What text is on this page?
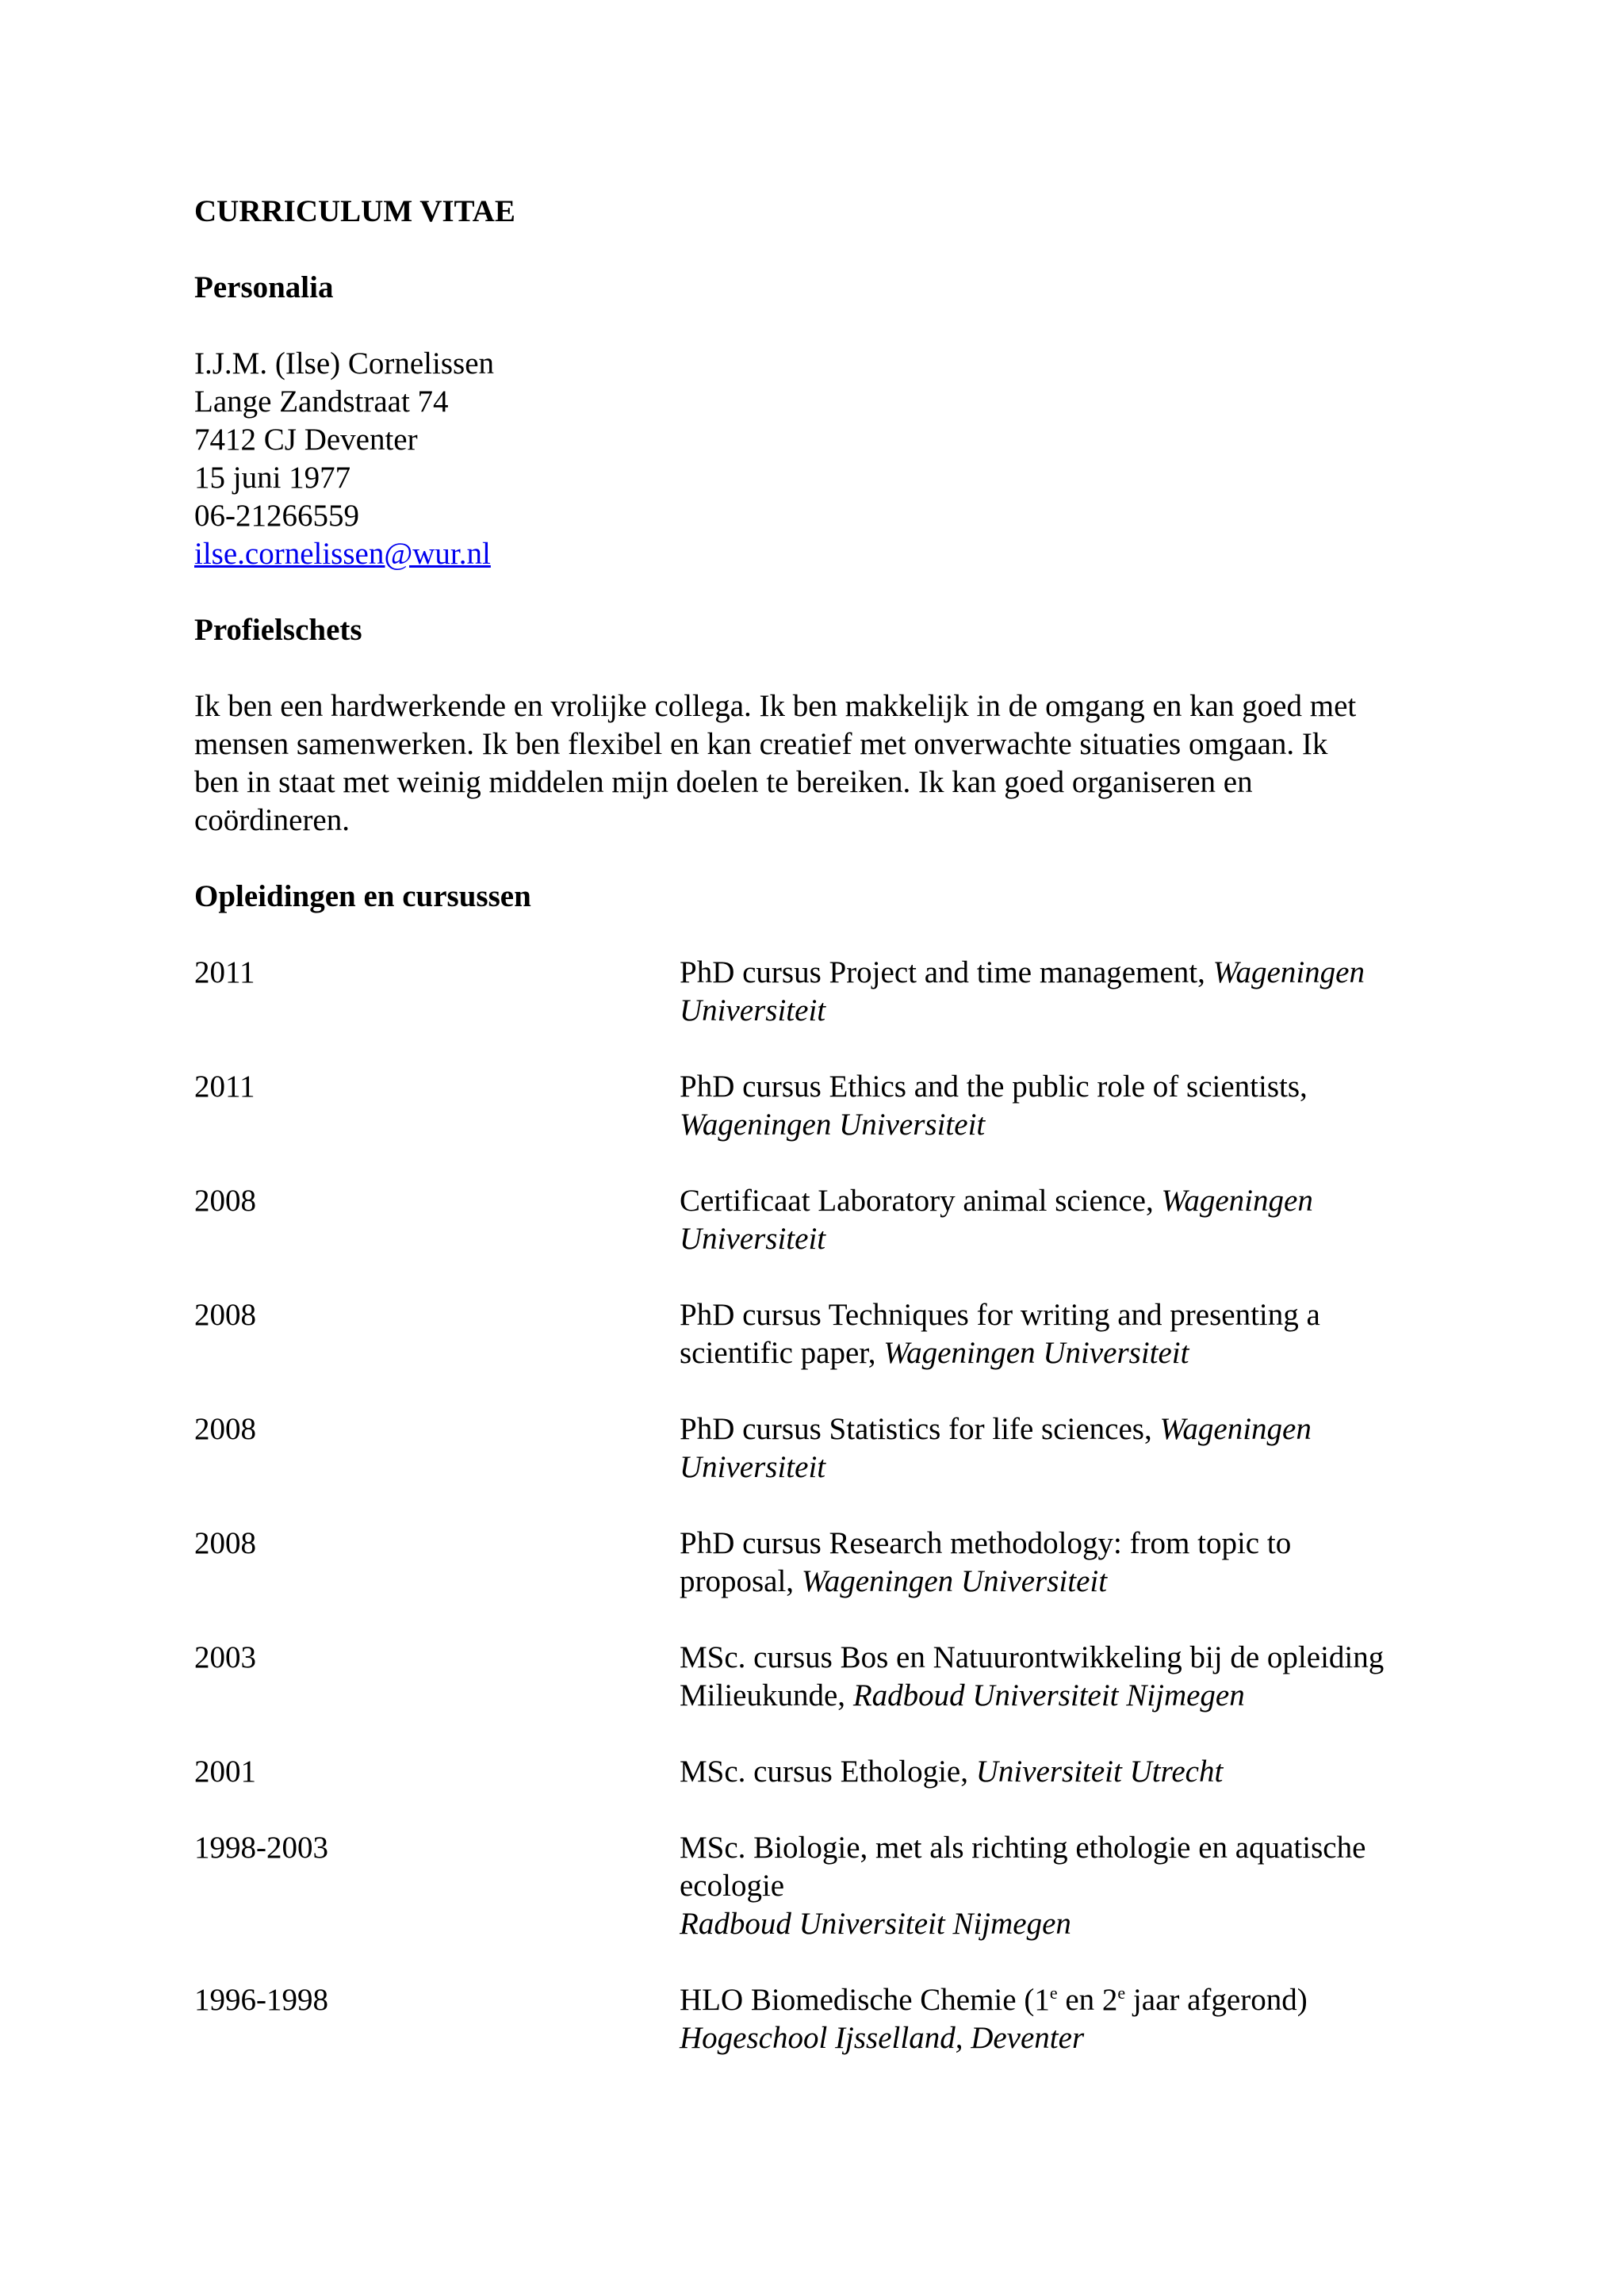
CURRICULUM VITAE

Personalia

I.J.M. (Ilse) Cornelissen

Lange Zandstraat 74

7412 CJ Deventer

15 juni 1977

06-21266559

ilse.cornelissen@wur.nl

Profielschets

Ik ben een hardwerkende en vrolijke collega. Ik ben makkelijk in de omgang en kan goed met

mensen samenwerken. Ik ben flexibel en kan creatief met onverwachte situaties omgaan. Ik

ben in staat met weinig middelen mijn doelen te bereiken. Ik kan goed organiseren en

coördineren.

Opleidingen en cursussen

2011	PhD cursus Project and time management, Wageningen
Universiteit
2011	PhD cursus Ethics and the public role of scientists,
Wageningen Universiteit
2008	Certificaat Laboratory animal science, Wageningen
Universiteit
2008	PhD cursus Techniques for writing and presenting a
scientific paper, Wageningen Universiteit
2008	PhD cursus Statistics for life sciences, Wageningen
Universiteit
2008	PhD cursus Research methodology: from topic to
proposal, Wageningen Universiteit
2003	MSc. cursus Bos en Natuurontwikkeling bij de opleiding
Milieukunde, Radboud Universiteit Nijmegen
2001	MSc. cursus Ethologie, Universiteit Utrecht
1998-2003	MSc. Biologie, met als richting ethologie en aquatische
ecologie
Radboud Universiteit Nijmegen
1996-1998	HLO Biomedische Chemie (1e en 2e jaar afgerond)
Hogeschool Ijsselland, Deventer
